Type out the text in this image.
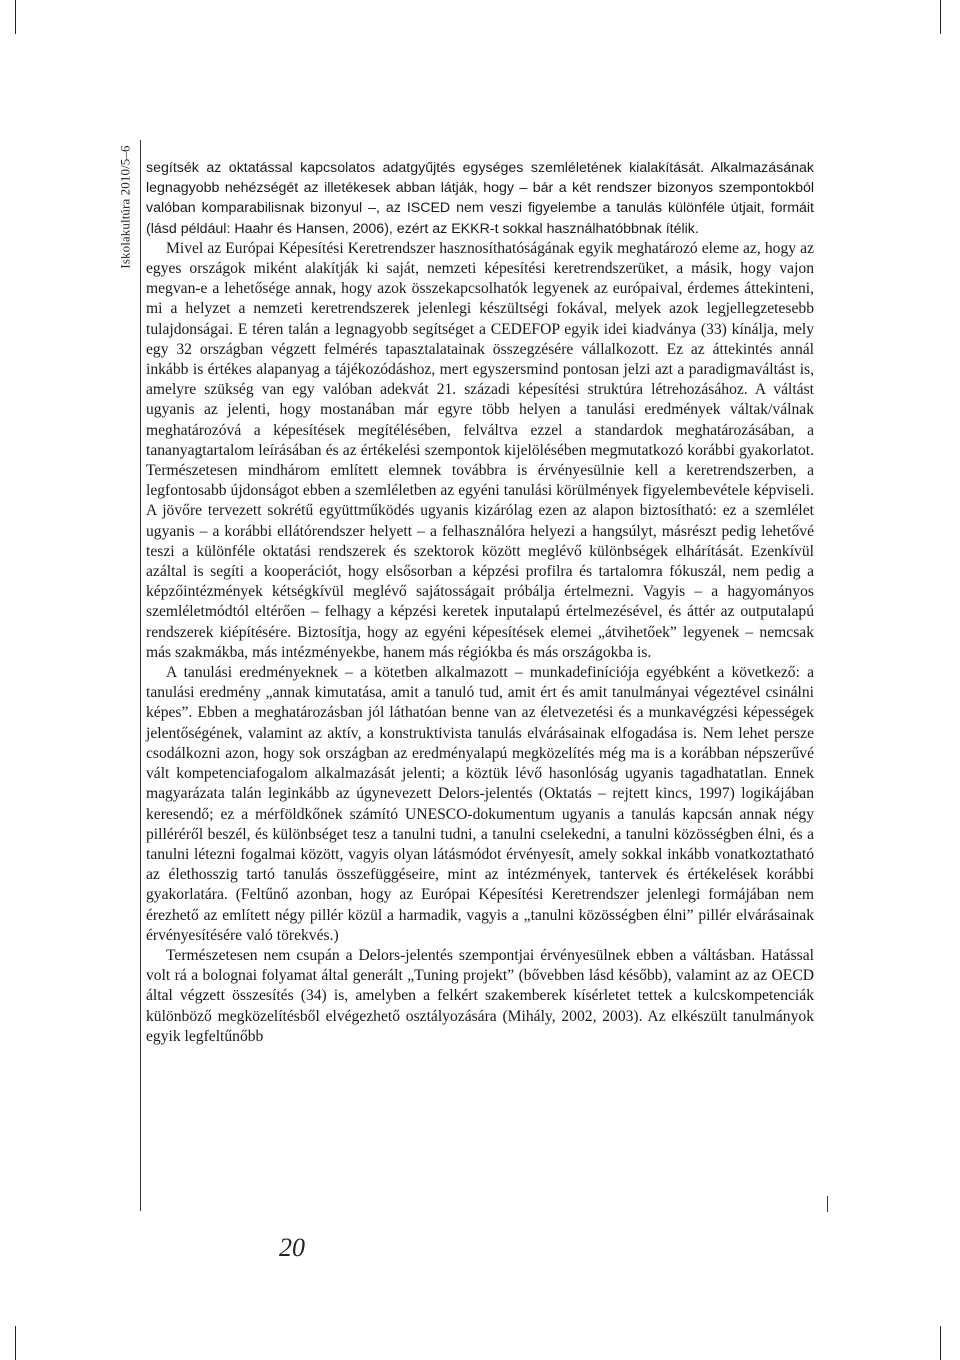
Iskolakultúra 2010/5–6 segítsék az oktatással kapcsolatos adatgyűjtés egységes szemléletének kialakítását. Alkalmazásának legnagyobb nehézségét az illetékesek abban látják, hogy – bár a két rendszer bizonyos szempontokból valóban komparabilisnak bizonyul –, az ISCED nem veszi figyelembe a tanulás különféle útjait, formáit (lásd például: Haahr és Hansen, 2006), ezért az EKKR-t sokkal használhatóbbnak ítélik.

Mivel az Európai Képesítési Keretrendszer hasznosíthatóságának egyik meghatározó eleme az, hogy az egyes országok miként alakítják ki saját, nemzeti képesítési keretrendszerüket, a másik, hogy vajon megvan-e a lehetősége annak, hogy azok összekapcsolhatók legyenek az európaival, érdemes áttekinteni, mi a helyzet a nemzeti keretrendszerek jelenlegi készültségi fokával, melyek azok legjellegzetesebb tulajdonságai. E téren talán a legnagyobb segítséget a CEDEFOP egyik idei kiadványa (33) kínálja, mely egy 32 országban végzett felmérés tapasztalatainak összegzésére vállalkozott. Ez az áttekintés annál inkább is értékes alapanyag a tájékozódáshoz, mert egyszersmind pontosan jelzi azt a paradigmaváltást is, amelyre szükség van egy valóban adekvát 21. századi képesítési struktúra létrehozásához. A váltást ugyanis az jelenti, hogy mostanában már egyre több helyen a tanulási eredmények váltak/válnak meghatározóvá a képesítések megítélésében, felváltva ezzel a standardok meghatározásában, a tananyagtartalom leírásában és az értékelési szempontok kijelölésében megmutatkozó korábbi gyakorlatot. Természetesen mindhárom említett elemnek továbbra is érvényesülnie kell a keretrendszerben, a legfontosabb újdonságot ebben a szemléletben az egyéni tanulási körülmények figyelembevétele képviseli. A jövőre tervezett sokrétű együttműködés ugyanis kizárólag ezen az alapon biztosítható: ez a szemlélet ugyanis – a korábbi ellátórendszer helyett – a felhasználóra helyezi a hangsúlyt, másrészt pedig lehetővé teszi a különféle oktatási rendszerek és szektorok között meglévő különbségek elhárítását. Ezenkívül azáltal is segíti a kooperációt, hogy elsősorban a képzési profilra és tartalomra fókuszál, nem pedig a képzőintézmények kétségkívül meglévő sajátosságait próbálja értelmezni. Vagyis – a hagyományos szemléletmódtól eltérően – felhagy a képzési keretek inputalapú értelmezésével, és áttér az outputalapú rendszerek kiépítésére. Biztosítja, hogy az egyéni képesítések elemei „átvihetőek” legyenek – nemcsak más szakmákba, más intézményekbe, hanem más régiókba és más országokba is.

A tanulási eredményeknek – a kötetben alkalmazott – munkadefiníciója egyébként a következő: a tanulási eredmény „annak kimutatása, amit a tanuló tud, amit ért és amit tanulmányai végeztével csinálni képes”. Ebben a meghatározásban jól láthatóan benne van az életvezetési és a munkavégzési képességek jelentőségének, valamint az aktív, a konstruktivista tanulás elvárásainak elfogadása is. Nem lehet persze csodálkozni azon, hogy sok országban az eredményalapú megközelítés még ma is a korábban népszerűvé vált kompetenciafogalom alkalmazását jelenti; a köztük lévő hasonlóság ugyanis tagadhatatlan. Ennek magyarázata talán leginkább az úgynevezett Delors-jelentés (Oktatás – rejtett kincs, 1997) logikájában keresendő; ez a mérföldkőnek számító UNESCO-dokumentum ugyanis a tanulás kapcsán annak négy pilléréről beszél, és különbséget tesz a tanulni tudni, a tanulni cselekedni, a tanulni közösségben élni, és a tanulni létezni fogalmai között, vagyis olyan látásmódot érvényesít, amely sokkal inkább vonatkoztatható az élethosszig tartó tanulás összefüggéseire, mint az intézmények, tantervek és értékelések korábbi gyakorlatára. (Feltűnő azonban, hogy az Európai Képesítési Keretrendszer jelenlegi formájában nem érezhető az említett négy pillér közül a harmadik, vagyis a „tanulni közösségben élni” pillér elvárásainak érvényesítésére való törekvés.)

Természetesen nem csupán a Delors-jelentés szempontjai érvényesülnek ebben a váltásban. Hatással volt rá a bolognai folyamat által generált „Tuning projekt” (bővebben lásd később), valamint az az OECD által végzett összesítés (34) is, amelyben a felkért szakemberek kísérletet tettek a kulcskompetenciák különböző megközelítésből elvégezhető osztályozására (Mihály, 2002, 2003). Az elkészült tanulmányok egyik legfeltűnőbb

20
